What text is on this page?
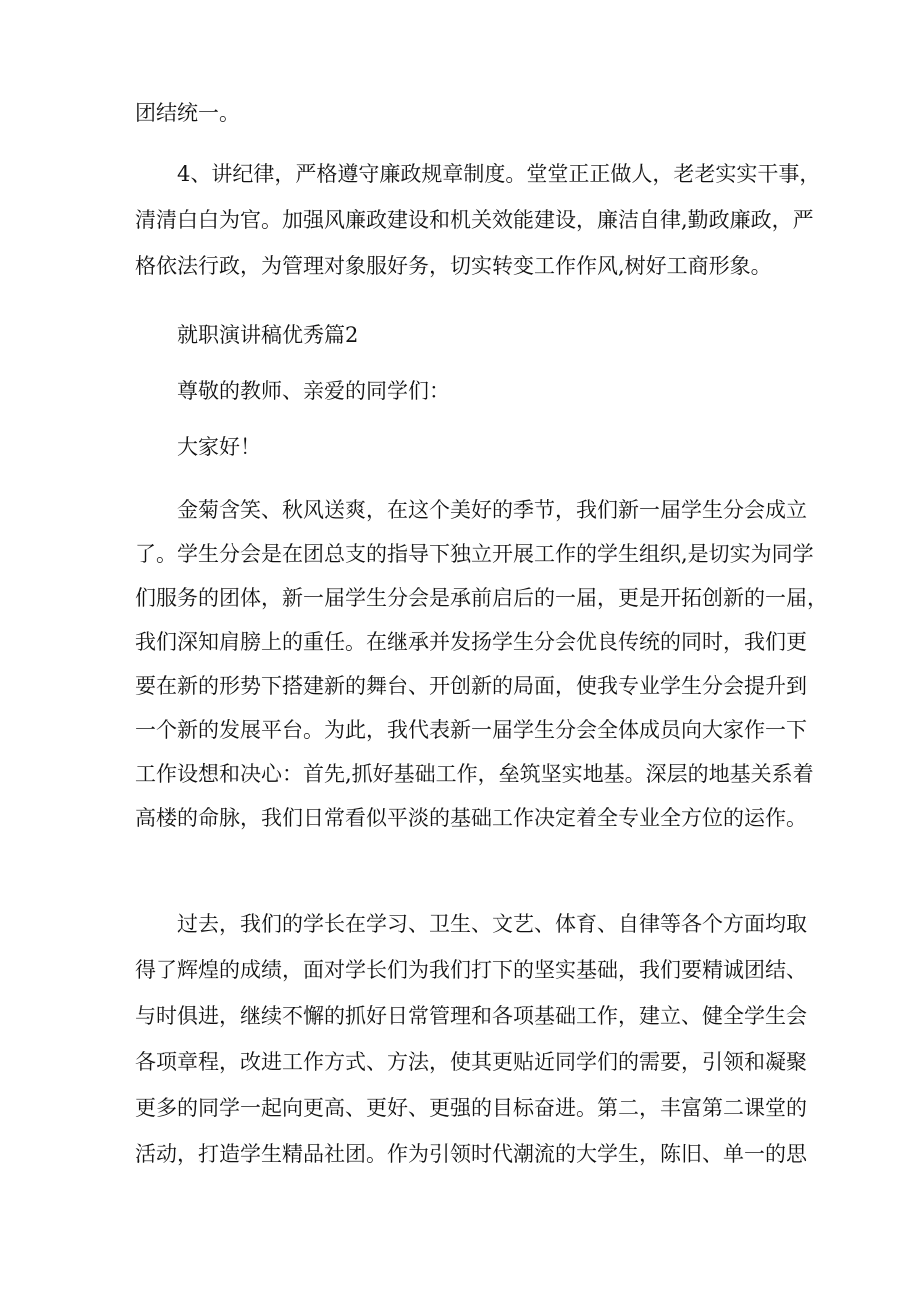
团结统一。
4、讲纪律，严格遵守廉政规章制度。堂堂正正做人，老老实实干事，
清清白白为官。加强风廉政建设和机关效能建设，廉洁自律,勤政廉政，严
格依法行政，为管理对象服好务，切实转变工作作风,树好工商形象。
就职演讲稿优秀篇2
尊敬的教师、亲爱的同学们：
大家好！
金菊含笑、秋风送爽，在这个美好的季节，我们新一届学生分会成立
了。学生分会是在团总支的指导下独立开展工作的学生组织,是切实为同学
们服务的团体，新一届学生分会是承前启后的一届，更是开拓创新的一届，
我们深知肩膀上的重任。在继承并发扬学生分会优良传统的同时，我们更
要在新的形势下搭建新的舞台、开创新的局面，使我专业学生分会提升到
一个新的发展平台。为此，我代表新一届学生分会全体成员向大家作一下
工作设想和决心：首先,抓好基础工作，垒筑坚实地基。深层的地基关系着
高楼的命脉，我们日常看似平淡的基础工作决定着全专业全方位的运作。
过去，我们的学长在学习、卫生、文艺、体育、自律等各个方面均取
得了辉煌的成绩，面对学长们为我们打下的坚实基础，我们要精诚团结、
与时俱进，继续不懈的抓好日常管理和各项基础工作，建立、健全学生会
各项章程，改进工作方式、方法，使其更贴近同学们的需要，引领和凝聚
更多的同学一起向更高、更好、更强的目标奋进。第二，丰富第二课堂的
活动，打造学生精品社团。作为引领时代潮流的大学生，陈旧、单一的思
